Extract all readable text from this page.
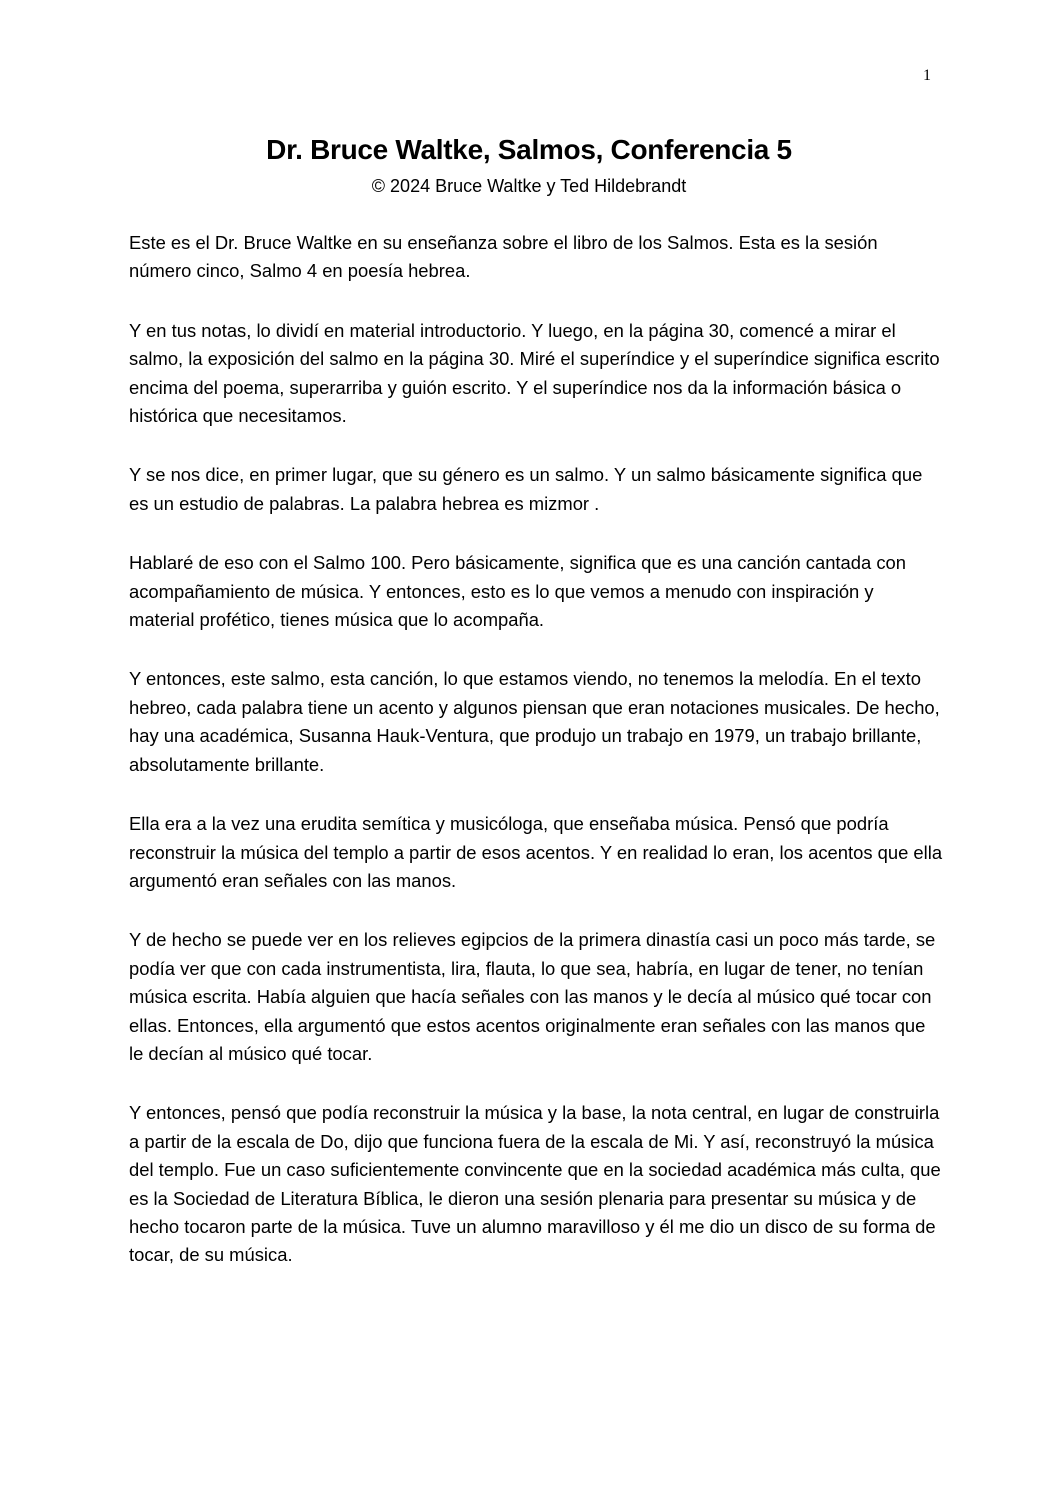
1
Dr. Bruce Waltke, Salmos, Conferencia 5
© 2024 Bruce Waltke y Ted Hildebrandt

Este es el Dr. Bruce Waltke en su enseñanza sobre el libro de los Salmos. Esta es la sesión número cinco, Salmo 4 en poesía hebrea.

Y en tus notas, lo dividí en material introductorio. Y luego, en la página 30, comencé a mirar el salmo, la exposición del salmo en la página 30. Miré el superíndice y el superíndice significa escrito encima del poema, superarriba y guión escrito. Y el superíndice nos da la información básica o histórica que necesitamos.

Y se nos dice, en primer lugar, que su género es un salmo. Y un salmo básicamente significa que es un estudio de palabras. La palabra hebrea es mizmor .

Hablaré de eso con el Salmo 100. Pero básicamente, significa que es una canción cantada con acompañamiento de música. Y entonces, esto es lo que vemos a menudo con inspiración y material profético, tienes música que lo acompaña.

Y entonces, este salmo, esta canción, lo que estamos viendo, no tenemos la melodía. En el texto hebreo, cada palabra tiene un acento y algunos piensan que eran notaciones musicales. De hecho, hay una académica, Susanna Hauk-Ventura, que produjo un trabajo en 1979, un trabajo brillante, absolutamente brillante.

Ella era a la vez una erudita semítica y musicóloga, que enseñaba música. Pensó que podría reconstruir la música del templo a partir de esos acentos. Y en realidad lo eran, los acentos que ella argumentó eran señales con las manos.

Y de hecho se puede ver en los relieves egipcios de la primera dinastía casi un poco más tarde, se podía ver que con cada instrumentista, lira, flauta, lo que sea, habría, en lugar de tener, no tenían música escrita. Había alguien que hacía señales con las manos y le decía al músico qué tocar con ellas. Entonces, ella argumentó que estos acentos originalmente eran señales con las manos que le decían al músico qué tocar.

Y entonces, pensó que podía reconstruir la música y la base, la nota central, en lugar de construirla a partir de la escala de Do, dijo que funciona fuera de la escala de Mi. Y así, reconstruyó la música del templo. Fue un caso suficientemente convincente que en la sociedad académica más culta, que es la Sociedad de Literatura Bíblica, le dieron una sesión plenaria para presentar su música y de hecho tocaron parte de la música. Tuve un alumno maravilloso y él me dio un disco de su forma de tocar, de su música.
